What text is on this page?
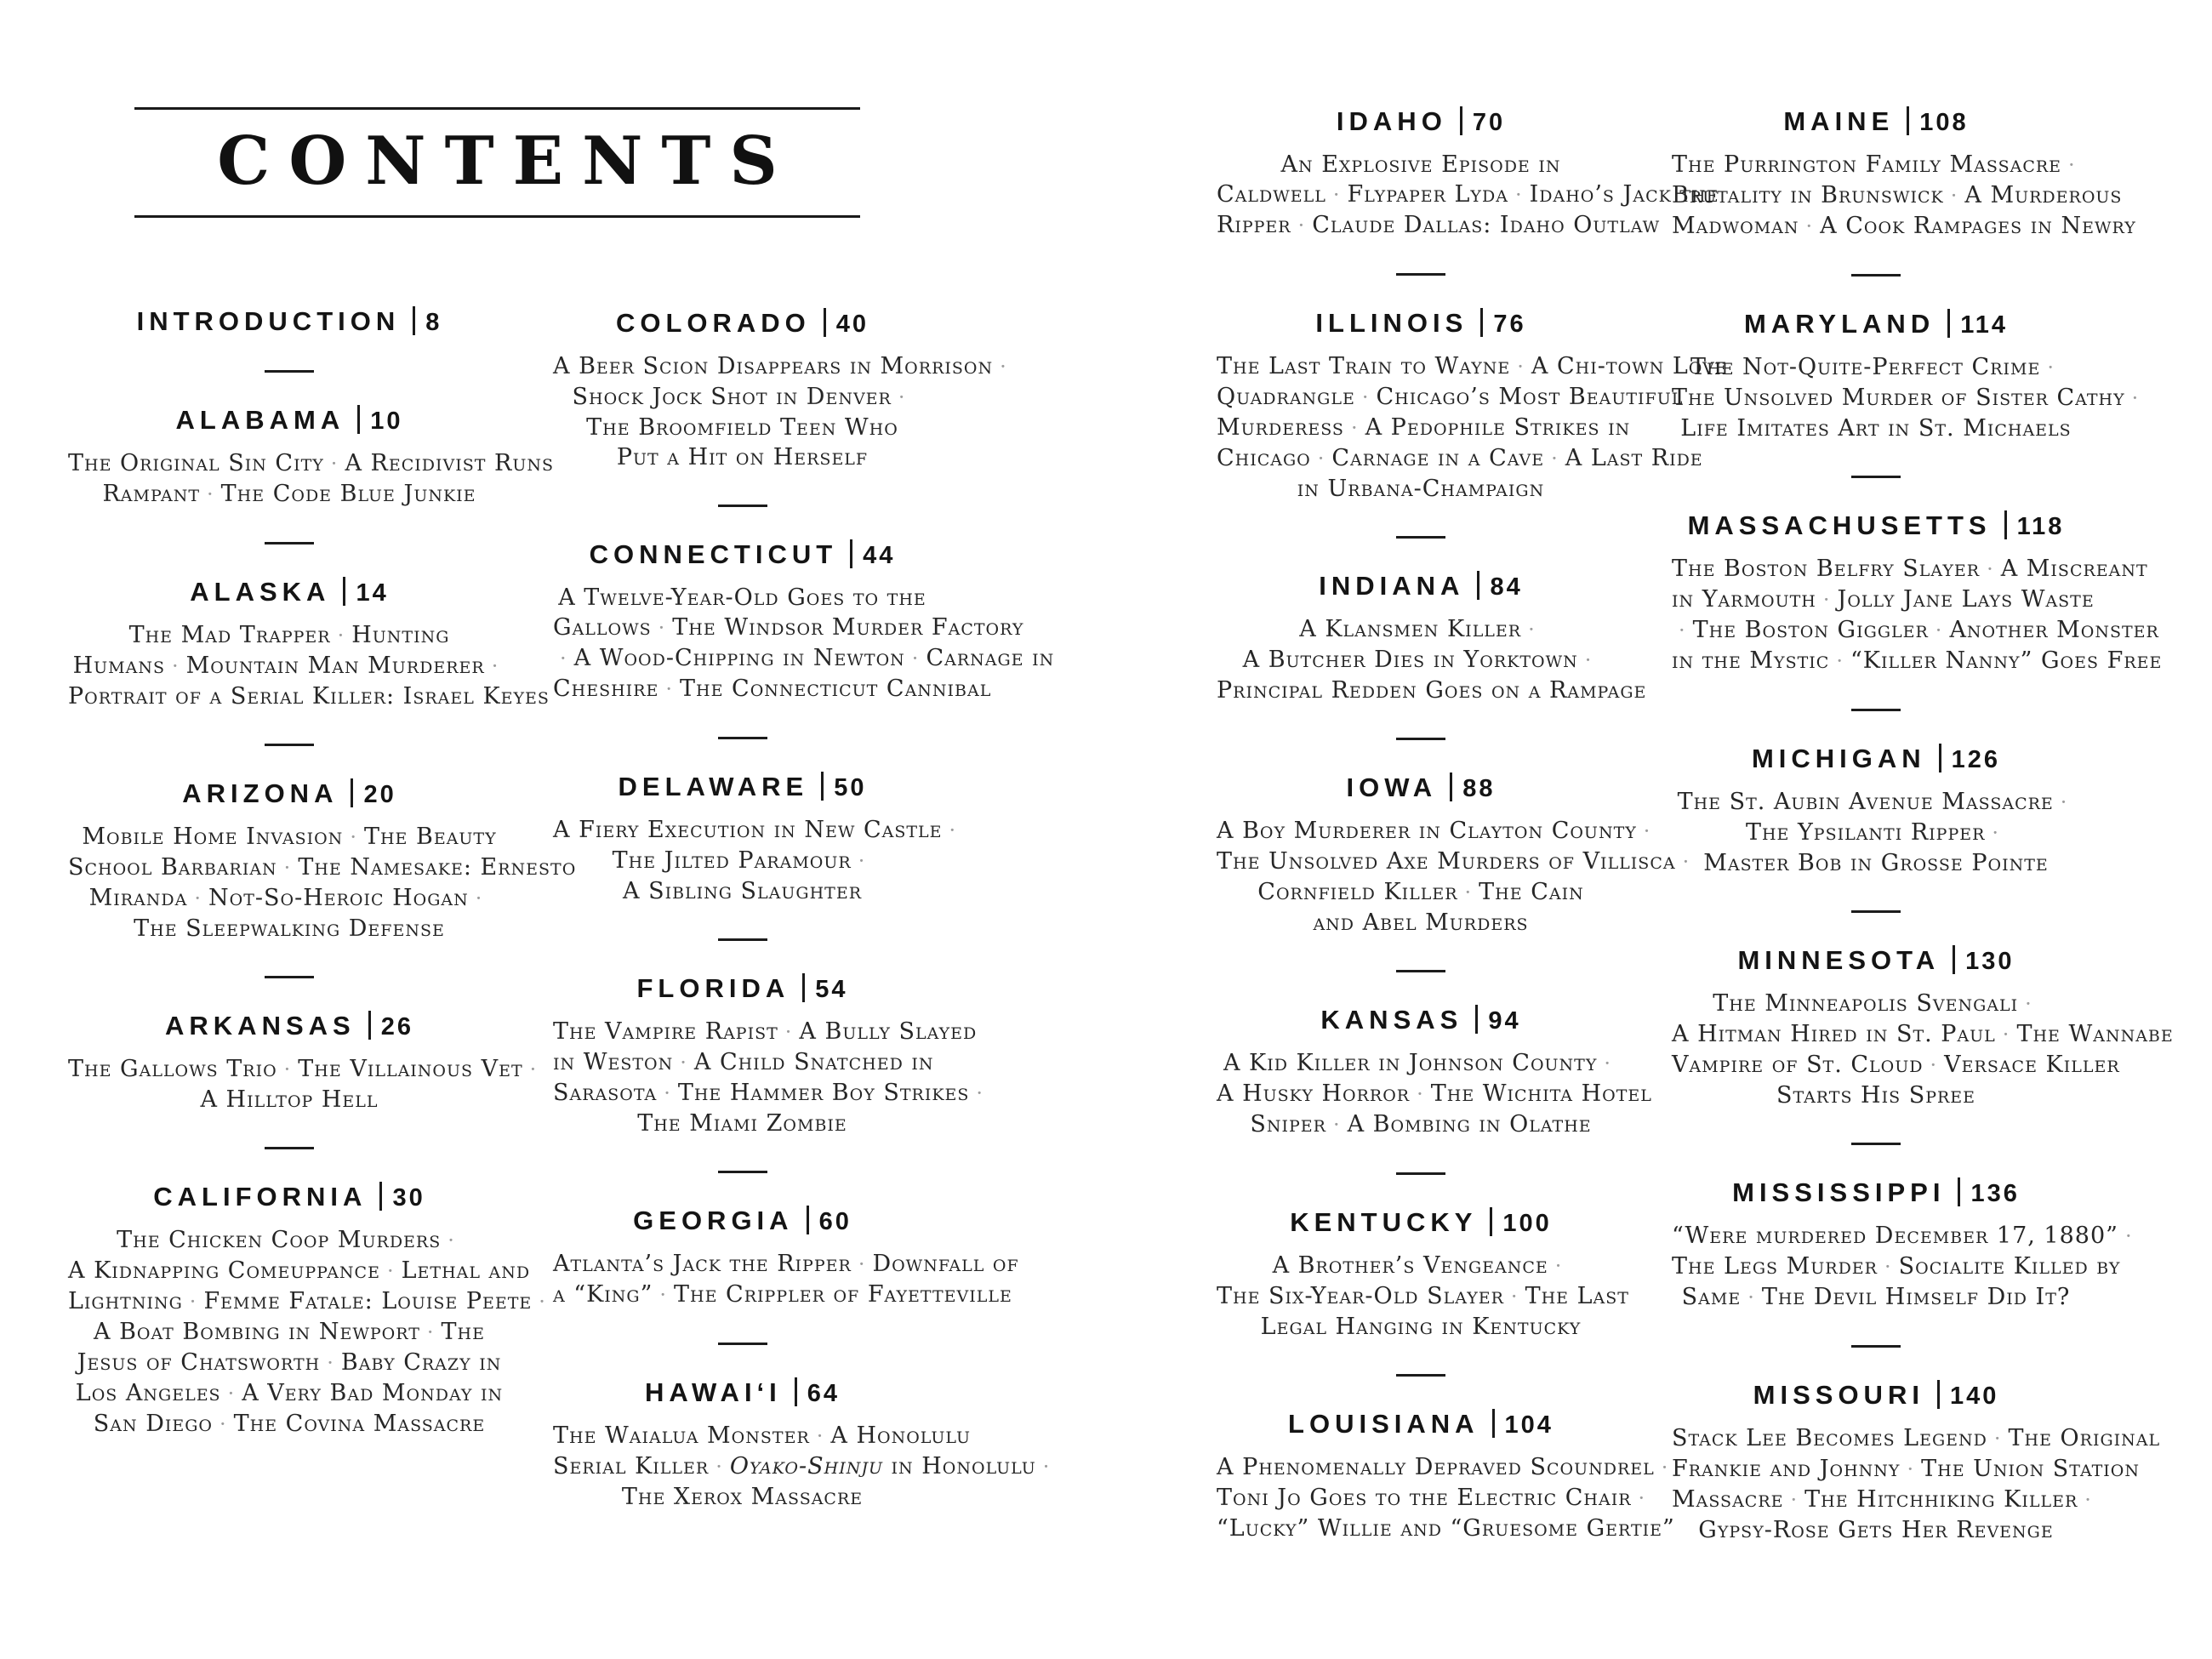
CONTENTS
INTRODUCTION 8
ALABAMA 10
The Original Sin City · A Recidivist Runs
Rampant · The Code Blue Junkie
ALASKA 14
The Mad Trapper · Hunting
Humans · Mountain Man Murderer ·
Portrait of a Serial Killer: Israel Keyes
ARIZONA 20
Mobile Home Invasion · The Beauty
School Barbarian · The Namesake: Ernesto
Miranda · Not-So-Heroic Hogan ·
The Sleepwalking Defense
ARKANSAS 26
The Gallows Trio · The Villainous Vet ·
A Hilltop Hell
CALIFORNIA 30
The Chicken Coop Murders ·
A Kidnapping Comeuppance · Lethal and
Lightning · Femme Fatale: Louise Peete ·
A Boat Bombing in Newport · The
Jesus of Chatsworth · Baby Crazy in
Los Angeles · A Very Bad Monday in
San Diego · The Covina Massacre
COLORADO 40
A Beer Scion Disappears in Morrison ·
Shock Jock Shot in Denver ·
The Broomfield Teen Who
Put a Hit on Herself
CONNECTICUT 44
A Twelve-Year-Old Goes to the
Gallows · The Windsor Murder Factory
· A Wood-Chipping in Newton · Carnage in
Cheshire · The Connecticut Cannibal
DELAWARE 50
A Fiery Execution in New Castle ·
The Jilted Paramour ·
A Sibling Slaughter
FLORIDA 54
The Vampire Rapist · A Bully Slayed
in Weston · A Child Snatched in
Sarasota · The Hammer Boy Strikes ·
The Miami Zombie
GEORGIA 60
Atlanta’s Jack the Ripper · Downfall of
a “King” · The Crippler of Fayetteville
HAWAI‘I 64
The Waialua Monster · A Honolulu
Serial Killer · Oyako-Shinju in Honolulu ·
The Xerox Massacre
IDAHO 70
An Explosive Episode in
Caldwell · Flypaper Lyda · Idaho’s Jack the
Ripper · Claude Dallas: Idaho Outlaw
ILLINOIS 76
The Last Train to Wayne · A Chi-town Love
Quadrangle · Chicago’s Most Beautiful
Murderess · A Pedophile Strikes in
Chicago · Carnage in a Cave · A Last Ride
in Urbana-Champaign
INDIANA 84
A Klansmen Killer ·
A Butcher Dies in Yorktown ·
Principal Redden Goes on a Rampage
IOWA 88
A Boy Murderer in Clayton County ·
The Unsolved Axe Murders of Villisca ·
Cornfield Killer · The Cain
and Abel Murders
KANSAS 94
A Kid Killer in Johnson County ·
A Husky Horror · The Wichita Hotel
Sniper · A Bombing in Olathe
KENTUCKY 100
A Brother’s Vengeance ·
The Six-Year-Old Slayer · The Last
Legal Hanging in Kentucky
LOUISIANA 104
A Phenomenally Depraved Scoundrel ·
Toni Jo Goes to the Electric Chair ·
“Lucky” Willie and “Gruesome Gertie”
MAINE 108
The Purrington Family Massacre ·
Brutality in Brunswick · A Murderous
Madwoman · A Cook Rampages in Newry
MARYLAND 114
The Not-Quite-Perfect Crime ·
The Unsolved Murder of Sister Cathy ·
Life Imitates Art in St. Michaels
MASSACHUSETTS 118
The Boston Belfry Slayer · A Miscreant
in Yarmouth · Jolly Jane Lays Waste
· The Boston Giggler · Another Monster
in the Mystic · “Killer Nanny” Goes Free
MICHIGAN 126
The St. Aubin Avenue Massacre ·
The Ypsilanti Ripper ·
Master Bob in Grosse Pointe
MINNESOTA 130
The Minneapolis Svengali ·
A Hitman Hired in St. Paul · The Wannabe
Vampire of St. Cloud · Versace Killer
Starts His Spree
MISSISSIPPI 136
“Were murdered December 17, 1880” ·
The Legs Murder · Socialite Killed by
Same · The Devil Himself Did It?
MISSOURI 140
Stack Lee Becomes Legend · The Original
Frankie and Johnny · The Union Station
Massacre · The Hitchhiking Killer ·
Gypsy-Rose Gets Her Revenge
